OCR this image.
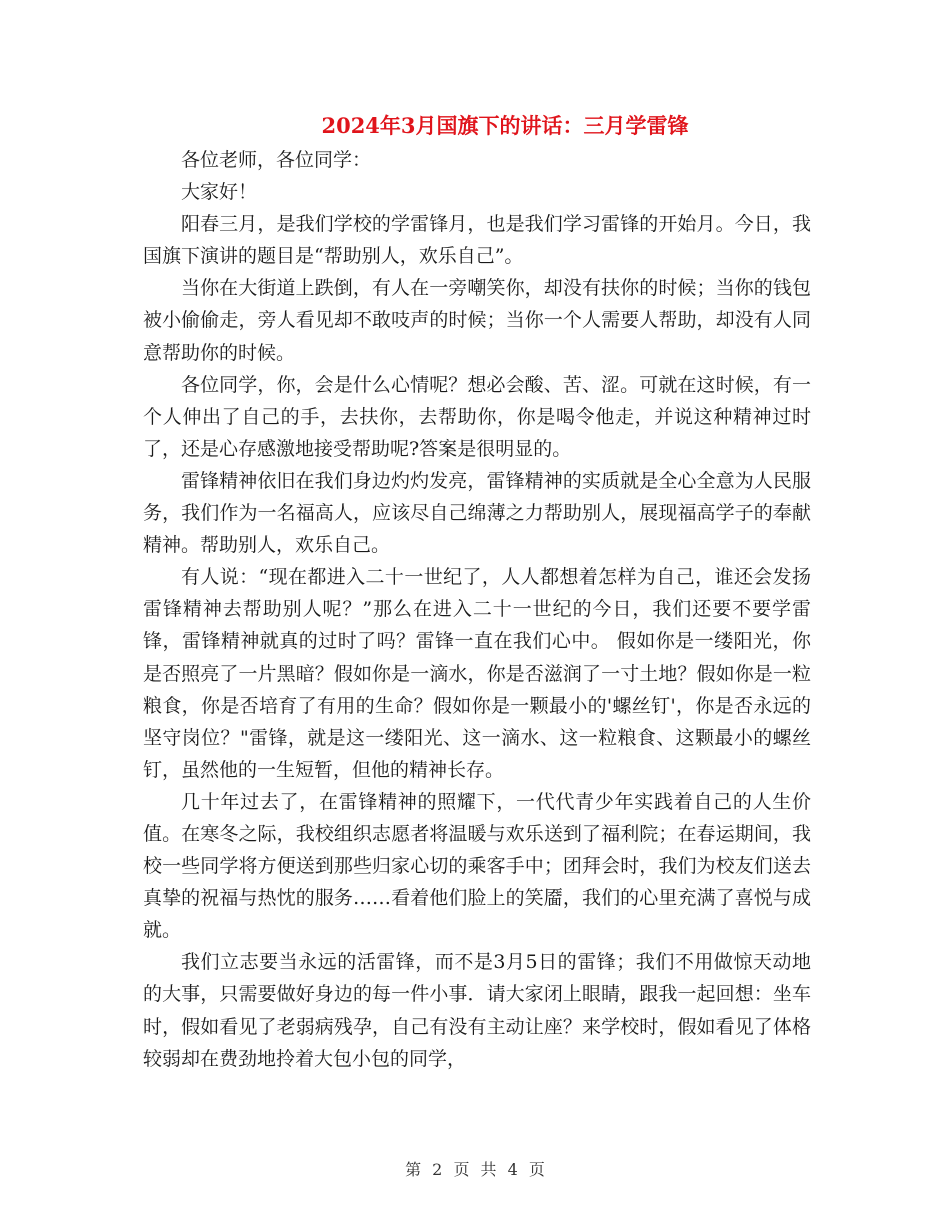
2024年3月国旗下的讲话：三月学雷锋

各位老师，各位同学：

大家好！

阳春三月，是我们学校的学雷锋月，也是我们学习雷锋的开始月。今日，我国旗下演讲的题目是“帮助别人，欢乐自己”。

当你在大街道上跌倒，有人在一旁嘲笑你，却没有扶你的时候；当你的钱包被小偷偷走，旁人看见却不敢吱声的时候；当你一个人需要人帮助，却没有人同意帮助你的时候。

各位同学，你，会是什么心情呢？想必会酸、苦、涩。可就在这时候，有一个人伸出了自己的手，去扶你，去帮助你，你是喝令他走，并说这种精神过时了，还是心存感激地接受帮助呢?答案是很明显的。

雷锋精神依旧在我们身边灼灼发亮，雷锋精神的实质就是全心全意为人民服务，我们作为一名福高人，应该尽自己绵薄之力帮助别人，展现福高学子的奉献精神。帮助别人，欢乐自己。

有人说：“现在都进入二十一世纪了，人人都想着怎样为自己，谁还会发扬雷锋精神去帮助别人呢？”那么在进入二十一世纪的今日，我们还要不要学雷锋，雷锋精神就真的过时了吗？雷锋一直在我们心中。 假如你是一缕阳光，你是否照亮了一片黑暗？假如你是一滴水，你是否滋润了一寸土地？假如你是一粒粮食，你是否培育了有用的生命？假如你是一颗最小的'螺丝钉'，你是否永远的坚守岗位？"雷锋，就是这一缕阳光、这一滴水、这一粒粮食、这颗最小的螺丝钉，虽然他的一生短暂，但他的精神长存。

几十年过去了，在雷锋精神的照耀下，一代代青少年实践着自己的人生价值。在寒冬之际，我校组织志愿者将温暖与欢乐送到了福利院；在春运期间，我校一些同学将方便送到那些归家心切的乘客手中；团拜会时，我们为校友们送去真挚的祝福与热忱的服务……看着他们脸上的笑靥，我们的心里充满了喜悦与成就。

我们立志要当永远的活雷锋，而不是3月5日的雷锋；我们不用做惊天动地的大事，只需要做好身边的每一件小事．请大家闭上眼睛，跟我一起回想：坐车时，假如看见了老弱病残孕，自己有没有主动让座？来学校时，假如看见了体格较弱却在费劲地拎着大包小包的同学，

第 2 页 共 4 页
